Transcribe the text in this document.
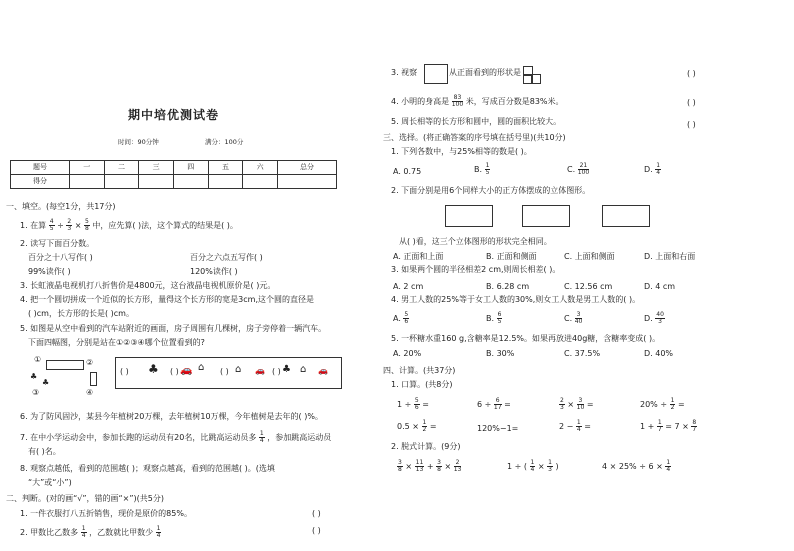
期中培优测试卷
时间：90分钟	满分：100分
题号	一	二	三	四	五	六	总分
得分							
一、填空。(每空1分，共17分)
1. 在算 $\frac{4}{5} \div \frac{2}{3} \times \frac{5}{8}$ 中，应先算( )法，这个算式的结果是( )。
2. 读写下面百分数。
百分之十八写作( )	百分之六点五写作( )
99%读作( )	120%读作( )
3. 长虹液晶电视机打八折售价是4800元，这台液晶电视机原价是( )元。
4. 把一个圆切拼成一个近似的长方形，量得这个长方形的宽是3cm,这个圆的直径是
( )cm，长方形的长是( )cm。
5. 如图是从空中看到的汽车站附近的画面，房子周围有几棵树，房子旁停着一辆汽车。
下面四幅图，分别是站在①②③④哪个位置看到的?
①	②
♣
♣
③	④
( ) ♣ ( ) 🚗 ⌂ ( ) ⌂ 🚗 ( ) ♣ ⌂ 🚗
6. 为了防风固沙，某县今年植树20万棵，去年植树10万棵，今年植树是去年的( )%。
7. 在中小学运动会中，参加长跑的运动员有20名，比跳高运动员多 $\frac{1}{4}$ ，参加跳高运动员
有( )名。
8. 观察点越低，看到的范围越( )；观察点越高，看到的范围越( )。(选填
“大”或“小”)
二、判断。(对的画“√”，错的画“×”)(共5分)
1. 一件衣服打八五折销售，现价是原价的85%。	( )
2. 甲数比乙数多 $\frac{1}{4}$ ，乙数就比甲数少 $\frac{1}{4}$	( )
3. 视察	从正面看到的形状是	( )
4. 小明的身高是 $\frac{83}{100}$ 米，写成百分数是83%米。	( )
5. 周长相等的长方形和圆中，圆的面积比较大。	( )
三、选择。(将正确答案的序号填在括号里)(共10分)
1. 下列各数中，与25%相等的数是( )。
A. 0.75	B. $\frac{1}{5}$	C. $\frac{21}{100}$	D. $\frac{1}{4}$
2. 下面分别是用6个同样大小的正方体摆成的立体图形。
从( )看，这三个立体图形的形状完全相同。
A. 正面和上面	B. 正面和侧面	C. 上面和侧面	D. 上面和右面
3. 如果两个圆的半径相差2 cm,则周长相差( )。
A. 2 cm	B. 6.28 cm	C. 12.56 cm	D. 4 cm
4. 男工人数的25%等于女工人数的30%,则女工人数是男工人数的( )。
A. $\frac{5}{6}$	B. $\frac{6}{5}$	C. $\frac{3}{40}$	D. $\frac{40}{3}$
5. 一杯糖水重160 g,含糖率是12.5%。如果再放进40g糖，含糖率变成( )。
A. 20%	B. 30%	C. 37.5%	D. 40%
四、计算。(共37分)
1. 口算。(共8分)
$1 \div \frac{5}{6}$ =	$6 \div \frac{6}{17}$ =	$\frac{2}{3} \times \frac{3}{10}$ =	$20\% \div \frac{1}{2}$ =
$0.5 \times \frac{1}{2}$ =	120%−1=	$2 - \frac{1}{4}$ =	$1 + \frac{1}{7} = 7 \times \frac{8}{7}$
2. 脱式计算。(9分)
$\frac{3}{8} \times \frac{11}{13} + \frac{3}{8} \times \frac{2}{13}$	1 ÷ ( $\frac{1}{4} \times \frac{1}{3}$ )	$4 \times 25\% \div 6 \times \frac{1}{4}$
